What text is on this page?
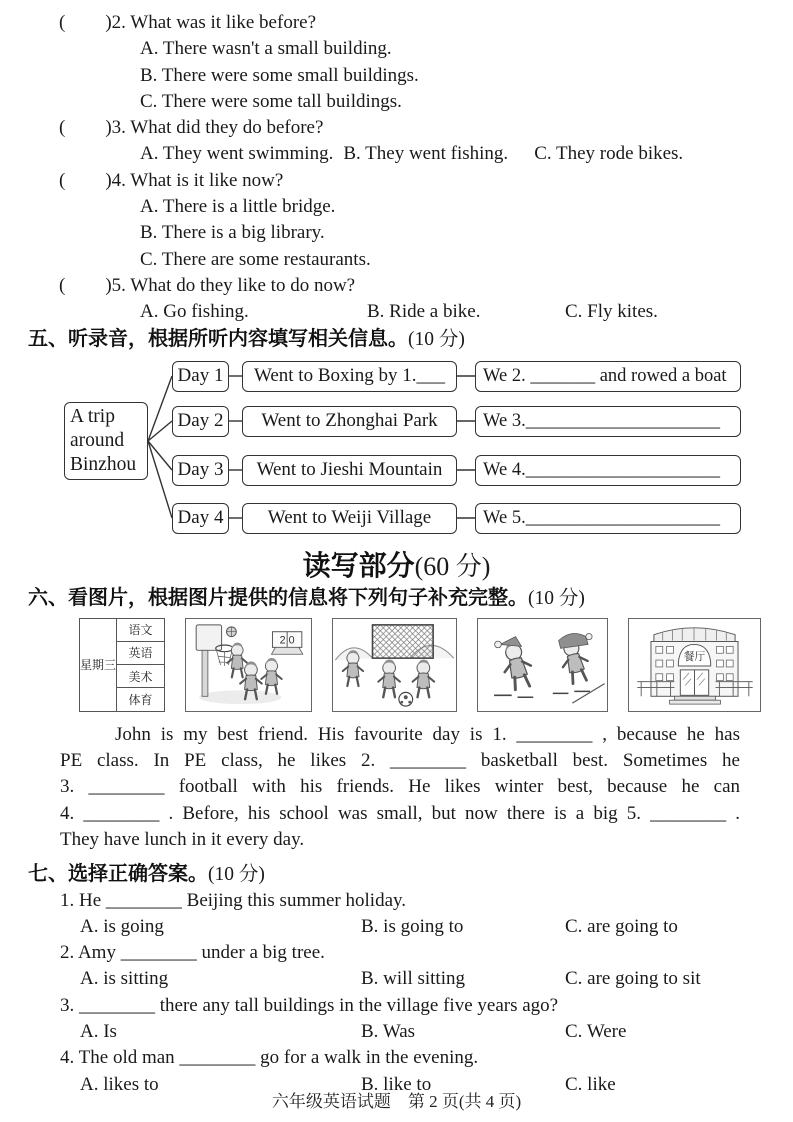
( )2. What was it like before?
A. There wasn't a small building.
B. There were some small buildings.
C. There were some tall buildings.
( )3. What did they do before?
A. They went swimming. B. They went fishing. C. They rode bikes.
( )4. What is it like now?
A. There is a little bridge.
B. There is a big library.
C. There are some restaurants.
( )5. What do they like to do now?
A. Go fishing.	B. Ride a bike.	C. Fly kites.
五、听录音，根据所听内容填写相关信息。(10 分)
A trip around Binzhou
Day 1	Went to Boxing by 1.___	We 2. _______ and rowed a boat
Day 2	Went to Zhonghai Park	We 3._____________________
Day 3	Went to Jieshi Mountain	We 4._____________________
Day 4	Went to Weiji Village	We 5._____________________
读写部分(60 分)
六、看图片，根据图片提供的信息将下列句子补充完整。(10 分)
星期三	语文
英语
美术
体育
2 0
餐厅
John is my best friend. His favourite day is 1. ________ , because he has
PE class. In PE class, he likes 2. ________ basketball best. Sometimes he
3. ________ football with his friends. He likes winter best, because he can
4. ________ . Before, his school was small, but now there is a big 5. ________ .
They have lunch in it every day.
七、选择正确答案。(10 分)
1. He ________ Beijing this summer holiday.
A. is going	B. is going to	C. are going to
2. Amy ________ under a big tree.
A. is sitting	B. will sitting	C. are going to sit
3. ________ there any tall buildings in the village five years ago?
A. Is	B. Was	C. Were
4. The old man ________ go for a walk in the evening.
A. likes to	B. like to	C. like
六年级英语试题　第 2 页(共 4 页)
